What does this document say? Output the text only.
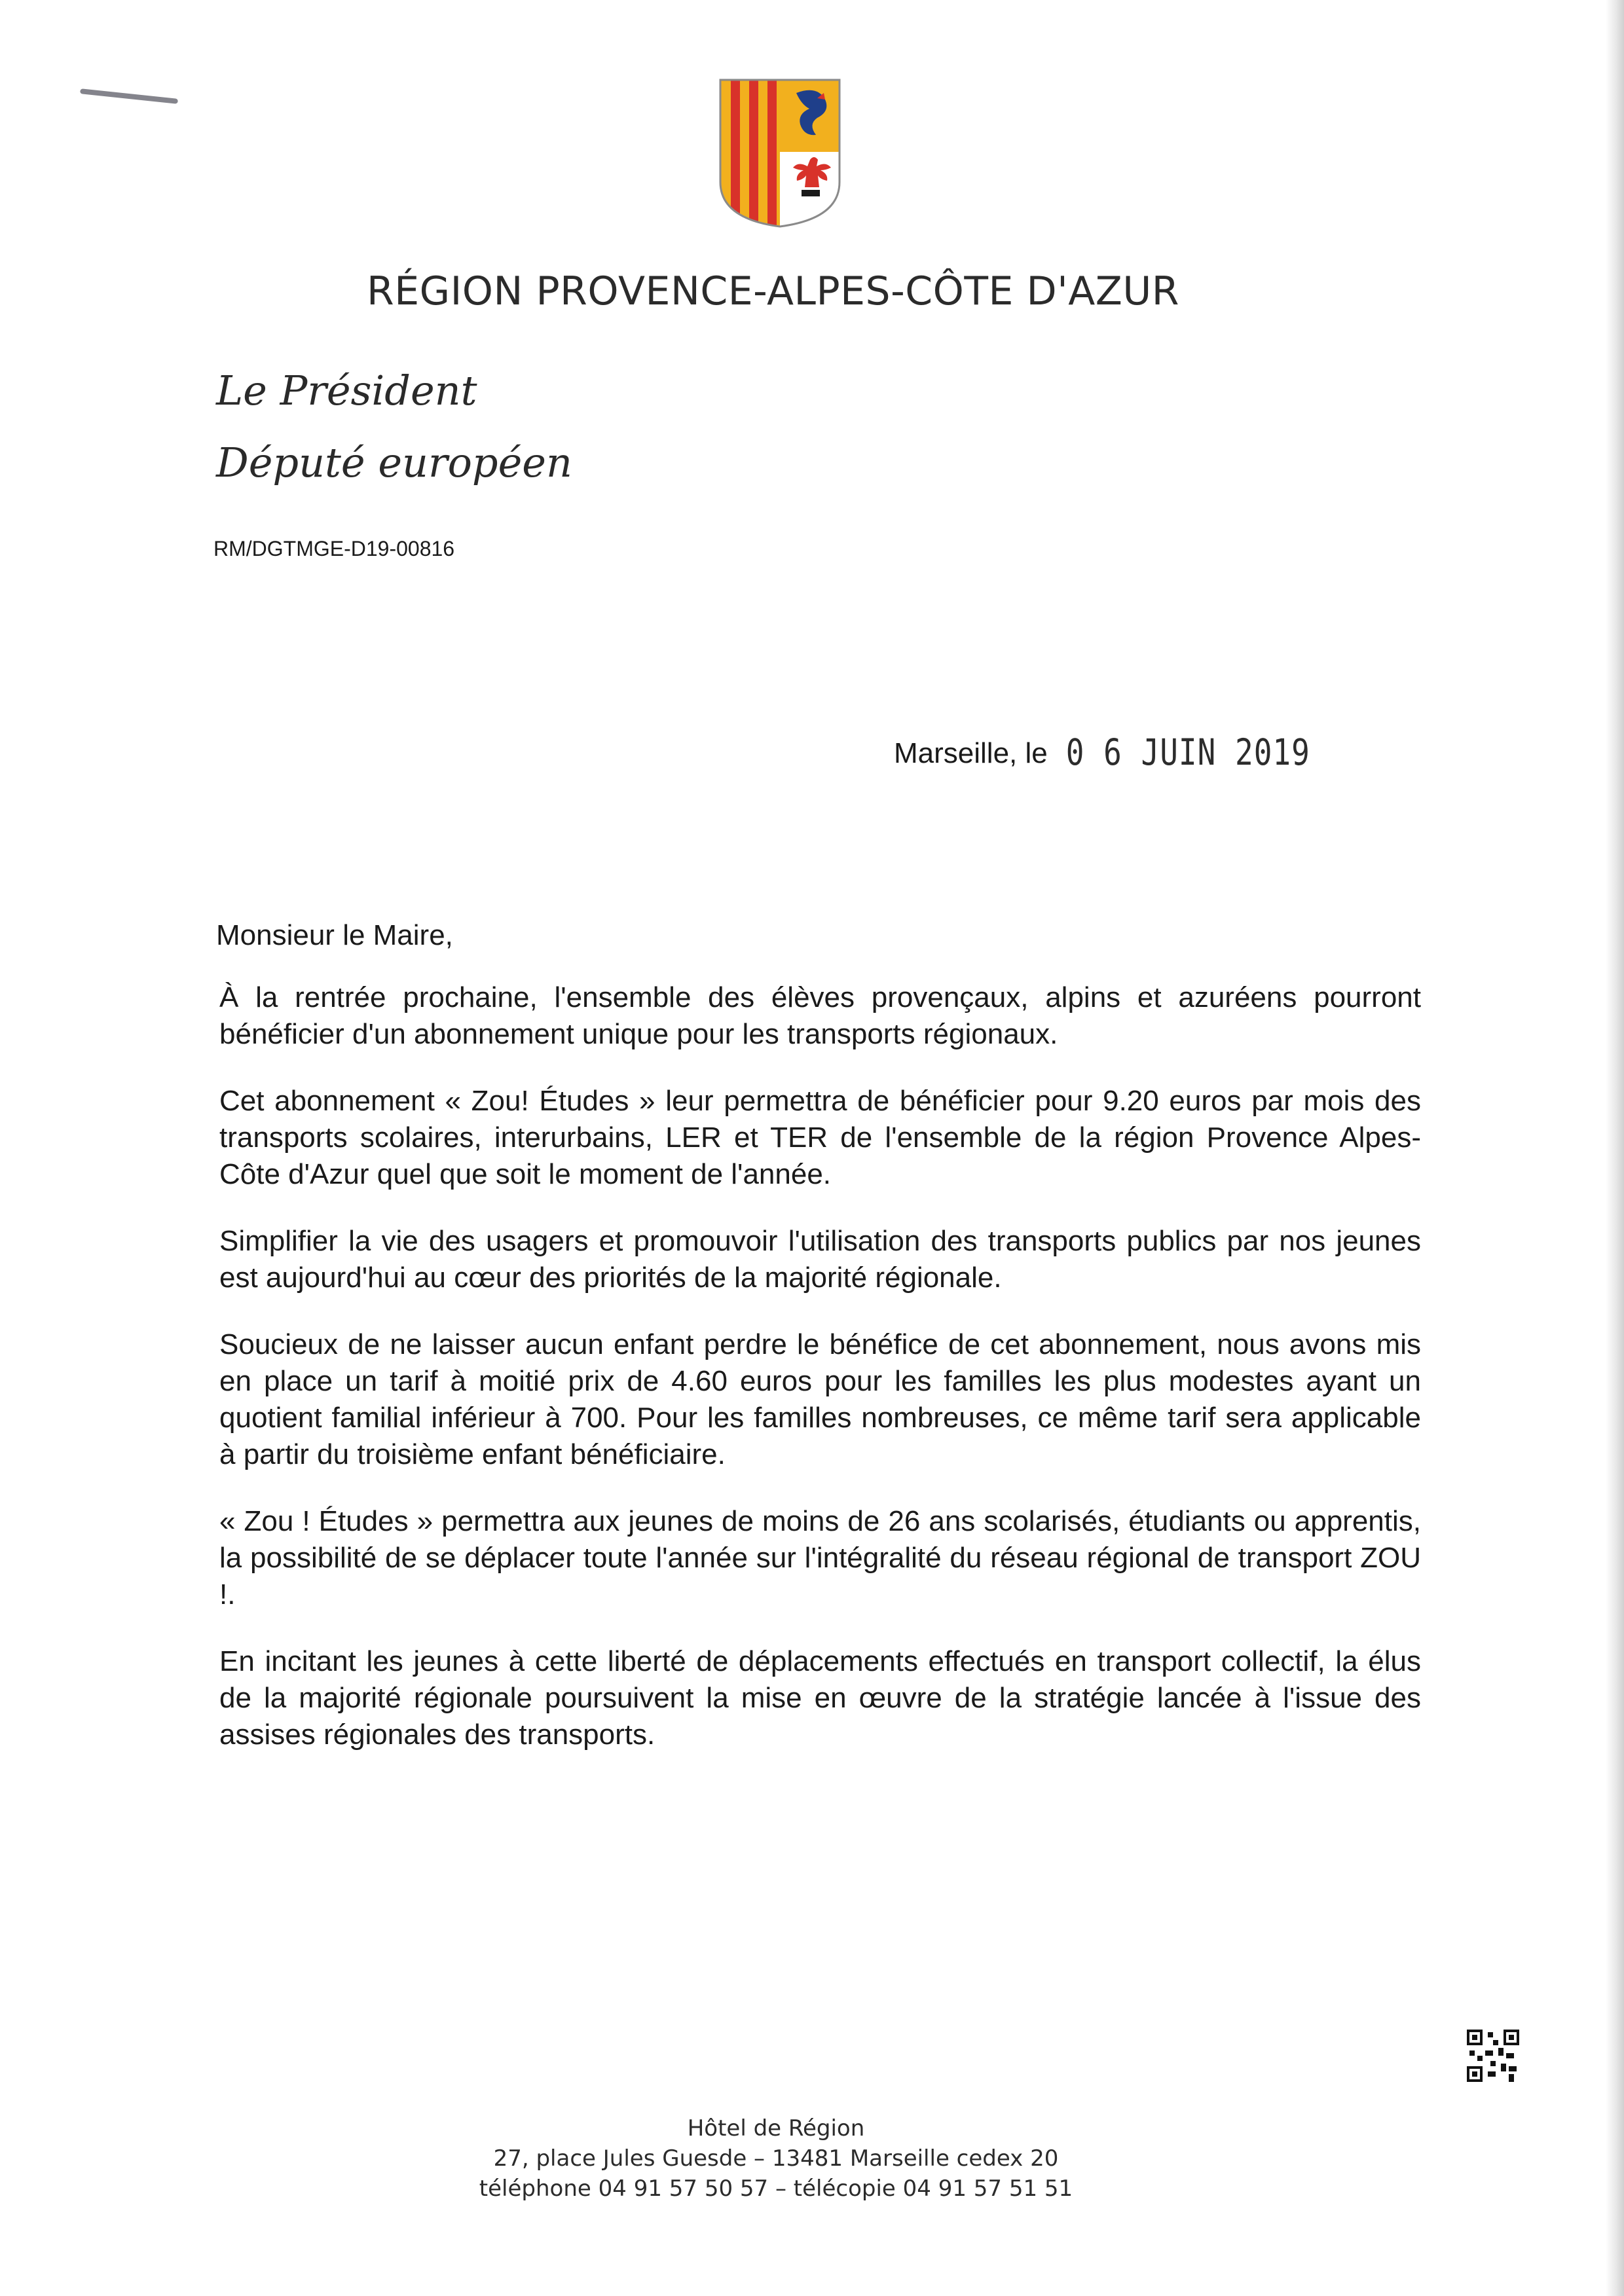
RÉGION PROVENCE-ALPES-CÔTE D'AZUR
Le Président
Député européen
RM/DGTMGE-D19-00816
Marseille, le 0 6 JUIN 2019
Monsieur le Maire,

À la rentrée prochaine, l'ensemble des élèves provençaux, alpins et azuréens pourront bénéficier d'un abonnement unique pour les transports régionaux.

Cet abonnement « Zou! Études » leur permettra de bénéficier pour 9.20 euros par mois des transports scolaires, interurbains, LER et TER de l'ensemble de la région Provence Alpes-Côte d'Azur quel que soit le moment de l'année.

Simplifier la vie des usagers et promouvoir l'utilisation des transports publics par nos jeunes est aujourd'hui au cœur des priorités de la majorité régionale.

Soucieux de ne laisser aucun enfant perdre le bénéfice de cet abonnement, nous avons mis en place un tarif à moitié prix de 4.60 euros pour les familles les plus modestes ayant un quotient familial inférieur à 700. Pour les familles nombreuses, ce même tarif sera applicable à partir du troisième enfant bénéficiaire.

« Zou ! Études » permettra aux jeunes de moins de 26 ans scolarisés, étudiants ou apprentis, la possibilité de se déplacer toute l'année sur l'intégralité du réseau régional de transport ZOU !.

En incitant les jeunes à cette liberté de déplacements effectués en transport collectif, la élus de la majorité régionale poursuivent la mise en œuvre de la stratégie lancée à l'issue des assises régionales des transports.

Hôtel de Région
27, place Jules Guesde – 13481 Marseille cedex 20
téléphone 04 91 57 50 57 – télécopie 04 91 57 51 51
